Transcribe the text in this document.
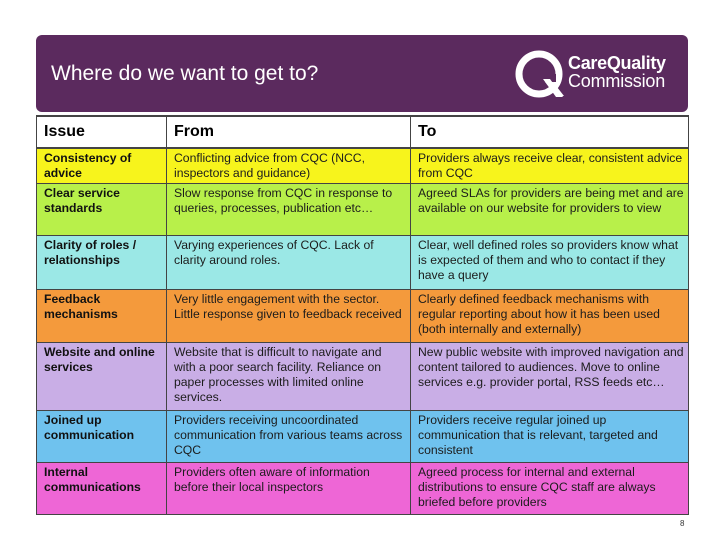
Where do we want to get to?	CareQuality
Commission
Issue	From	To
Consistency of advice	Conflicting advice from CQC (NCC, inspectors and guidance)	Providers always receive clear, consistent advice from CQC
Clear service standards	Slow response from CQC in response to queries, processes, publication etc…	Agreed SLAs for providers are being met and are available on our website for providers to view
Clarity of roles / relationships	Varying experiences of CQC. Lack of clarity around roles.	Clear, well defined roles so providers know what is expected of them and who to contact if they have a query
Feedback mechanisms	Very little engagement with the sector. Little response given to feedback received	Clearly defined feedback mechanisms with regular reporting about how it has been used (both internally and externally)
Website and online services	Website that is difficult to navigate and with a poor search facility. Reliance on paper processes with limited online services.	New public website with improved navigation and content tailored to audiences. Move to online services e.g. provider portal, RSS feeds etc…
Joined up communication	Providers receiving uncoordinated communication from various teams across CQC	Providers receive regular joined up communication that is relevant, targeted and consistent
Internal communications	Providers often aware of information before their local inspectors	Agreed process for internal and external distributions to ensure CQC staff are always briefed before providers
8
